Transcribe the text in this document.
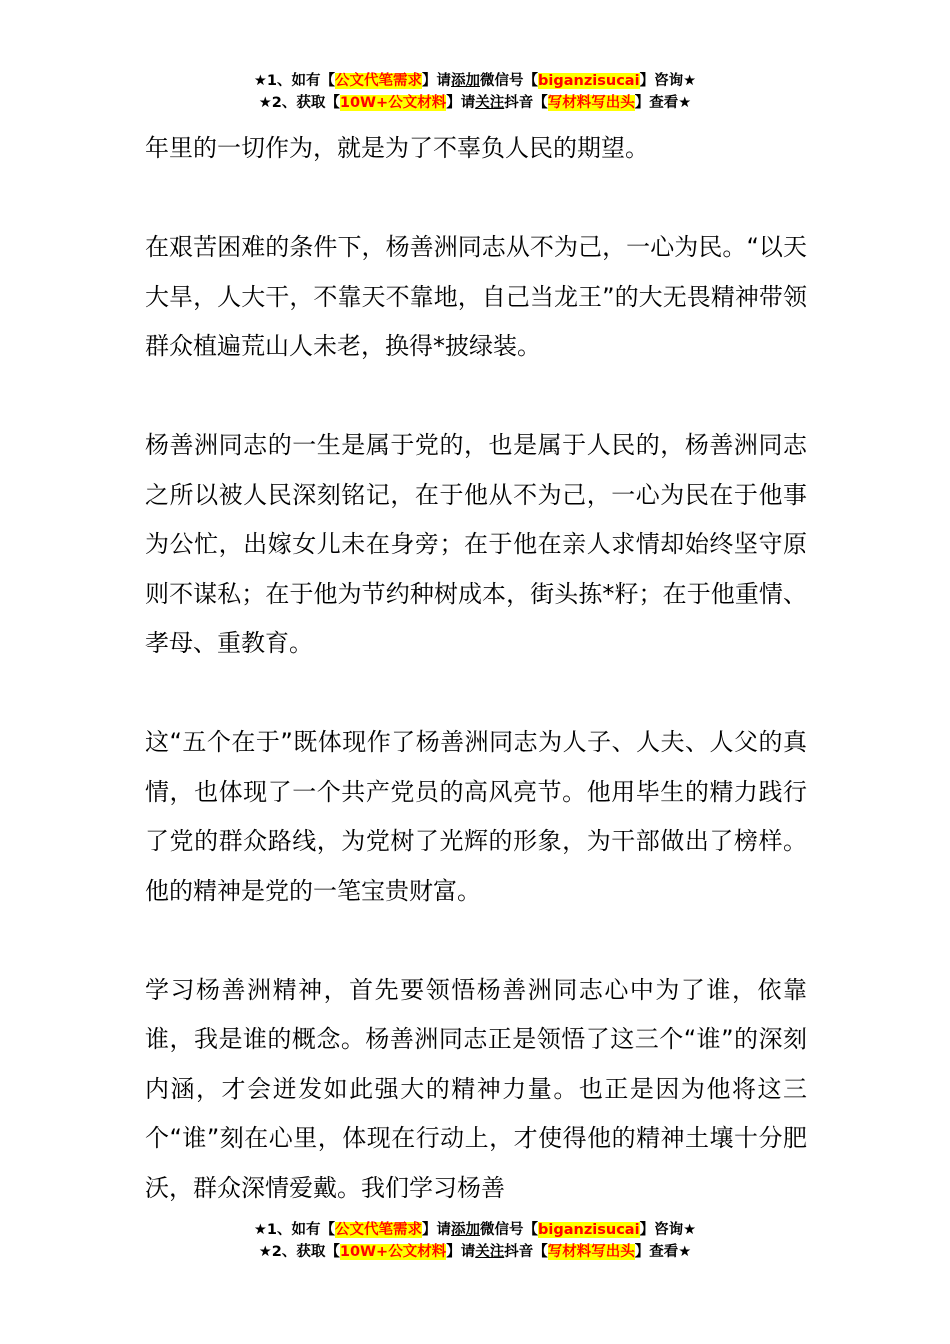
★1、如有【公文代笔需求】请添加微信号【biganzisucai】咨询★
★2、获取【10W+公文材料】请关注抖音【写材料写出头】查看★

年里的一切作为，就是为了不辜负人民的期望。

在艰苦困难的条件下，杨善洲同志从不为己，一心为民。“以天大旱，人大干，不靠天不靠地，自己当龙王”的大无畏精神带领群众植遍荒山人未老，换得*披绿装。

杨善洲同志的一生是属于党的，也是属于人民的，杨善洲同志之所以被人民深刻铭记，在于他从不为己，一心为民在于他事为公忙，出嫁女儿未在身旁；在于他在亲人求情却始终坚守原则不谋私；在于他为节约种树成本，街头拣*籽；在于他重情、孝母、重教育。

这“五个在于”既体现作了杨善洲同志为人子、人夫、人父的真情，也体现了一个共产党员的高风亮节。他用毕生的精力践行了党的群众路线，为党树了光辉的形象，为干部做出了榜样。他的精神是党的一笔宝贵财富。

学习杨善洲精神，首先要领悟杨善洲同志心中为了谁，依靠谁，我是谁的概念。杨善洲同志正是领悟了这三个“谁”的深刻内涵，才会迸发如此强大的精神力量。也正是因为他将这三个“谁”刻在心里，体现在行动上，才使得他的精神土壤十分肥沃，群众深情爱戴。我们学习杨善

★1、如有【公文代笔需求】请添加微信号【biganzisucai】咨询★
★2、获取【10W+公文材料】请关注抖音【写材料写出头】查看★
